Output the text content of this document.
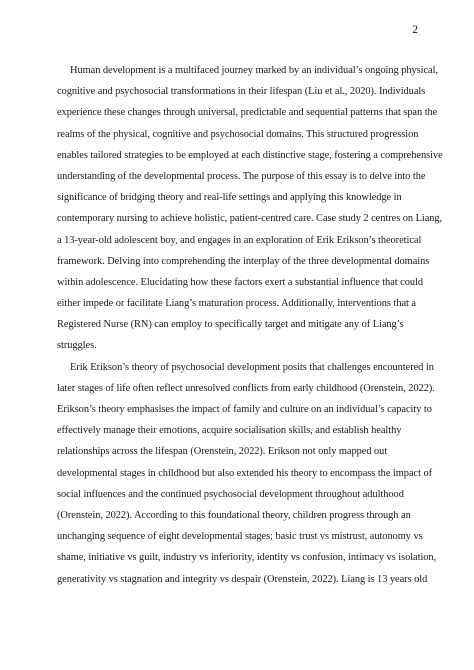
2
Human development is a multifaced journey marked by an individual’s ongoing physical,
cognitive and psychosocial transformations in their lifespan (Liu et al., 2020). Individuals
experience these changes through universal, predictable and sequential patterns that span the
realms of the physical, cognitive and psychosocial domains. This structured progression
enables tailored strategies to be employed at each distinctive stage, fostering a comprehensive
understanding of the developmental process. The purpose of this essay is to delve into the
significance of bridging theory and real-life settings and applying this knowledge in
contemporary nursing to achieve holistic, patient-centred care. Case study 2 centres on Liang,
a 13-year-old adolescent boy, and engages in an exploration of Erik Erikson’s theoretical
framework. Delving into comprehending the interplay of the three developmental domains
within adolescence. Elucidating how these factors exert a substantial influence that could
either impede or facilitate Liang’s maturation process. Additionally, interventions that a
Registered Nurse (RN) can employ to specifically target and mitigate any of Liang’s
struggles.
Erik Erikson’s theory of psychosocial development posits that challenges encountered in
later stages of life often reflect unresolved conflicts from early childhood (Orenstein, 2022).
Erikson’s theory emphasises the impact of family and culture on an individual’s capacity to
effectively manage their emotions, acquire socialisation skills, and establish healthy
relationships across the lifespan (Orenstein, 2022). Erikson not only mapped out
developmental stages in childhood but also extended his theory to encompass the impact of
social influences and the continued psychosocial development throughout adulthood
(Orenstein, 2022). According to this foundational theory, children progress through an
unchanging sequence of eight developmental stages; basic trust vs mistrust, autonomy vs
shame, initiative vs guilt, industry vs inferiority, identity vs confusion, intimacy vs isolation,
generativity vs stagnation and integrity vs despair (Orenstein, 2022). Liang is 13 years old
